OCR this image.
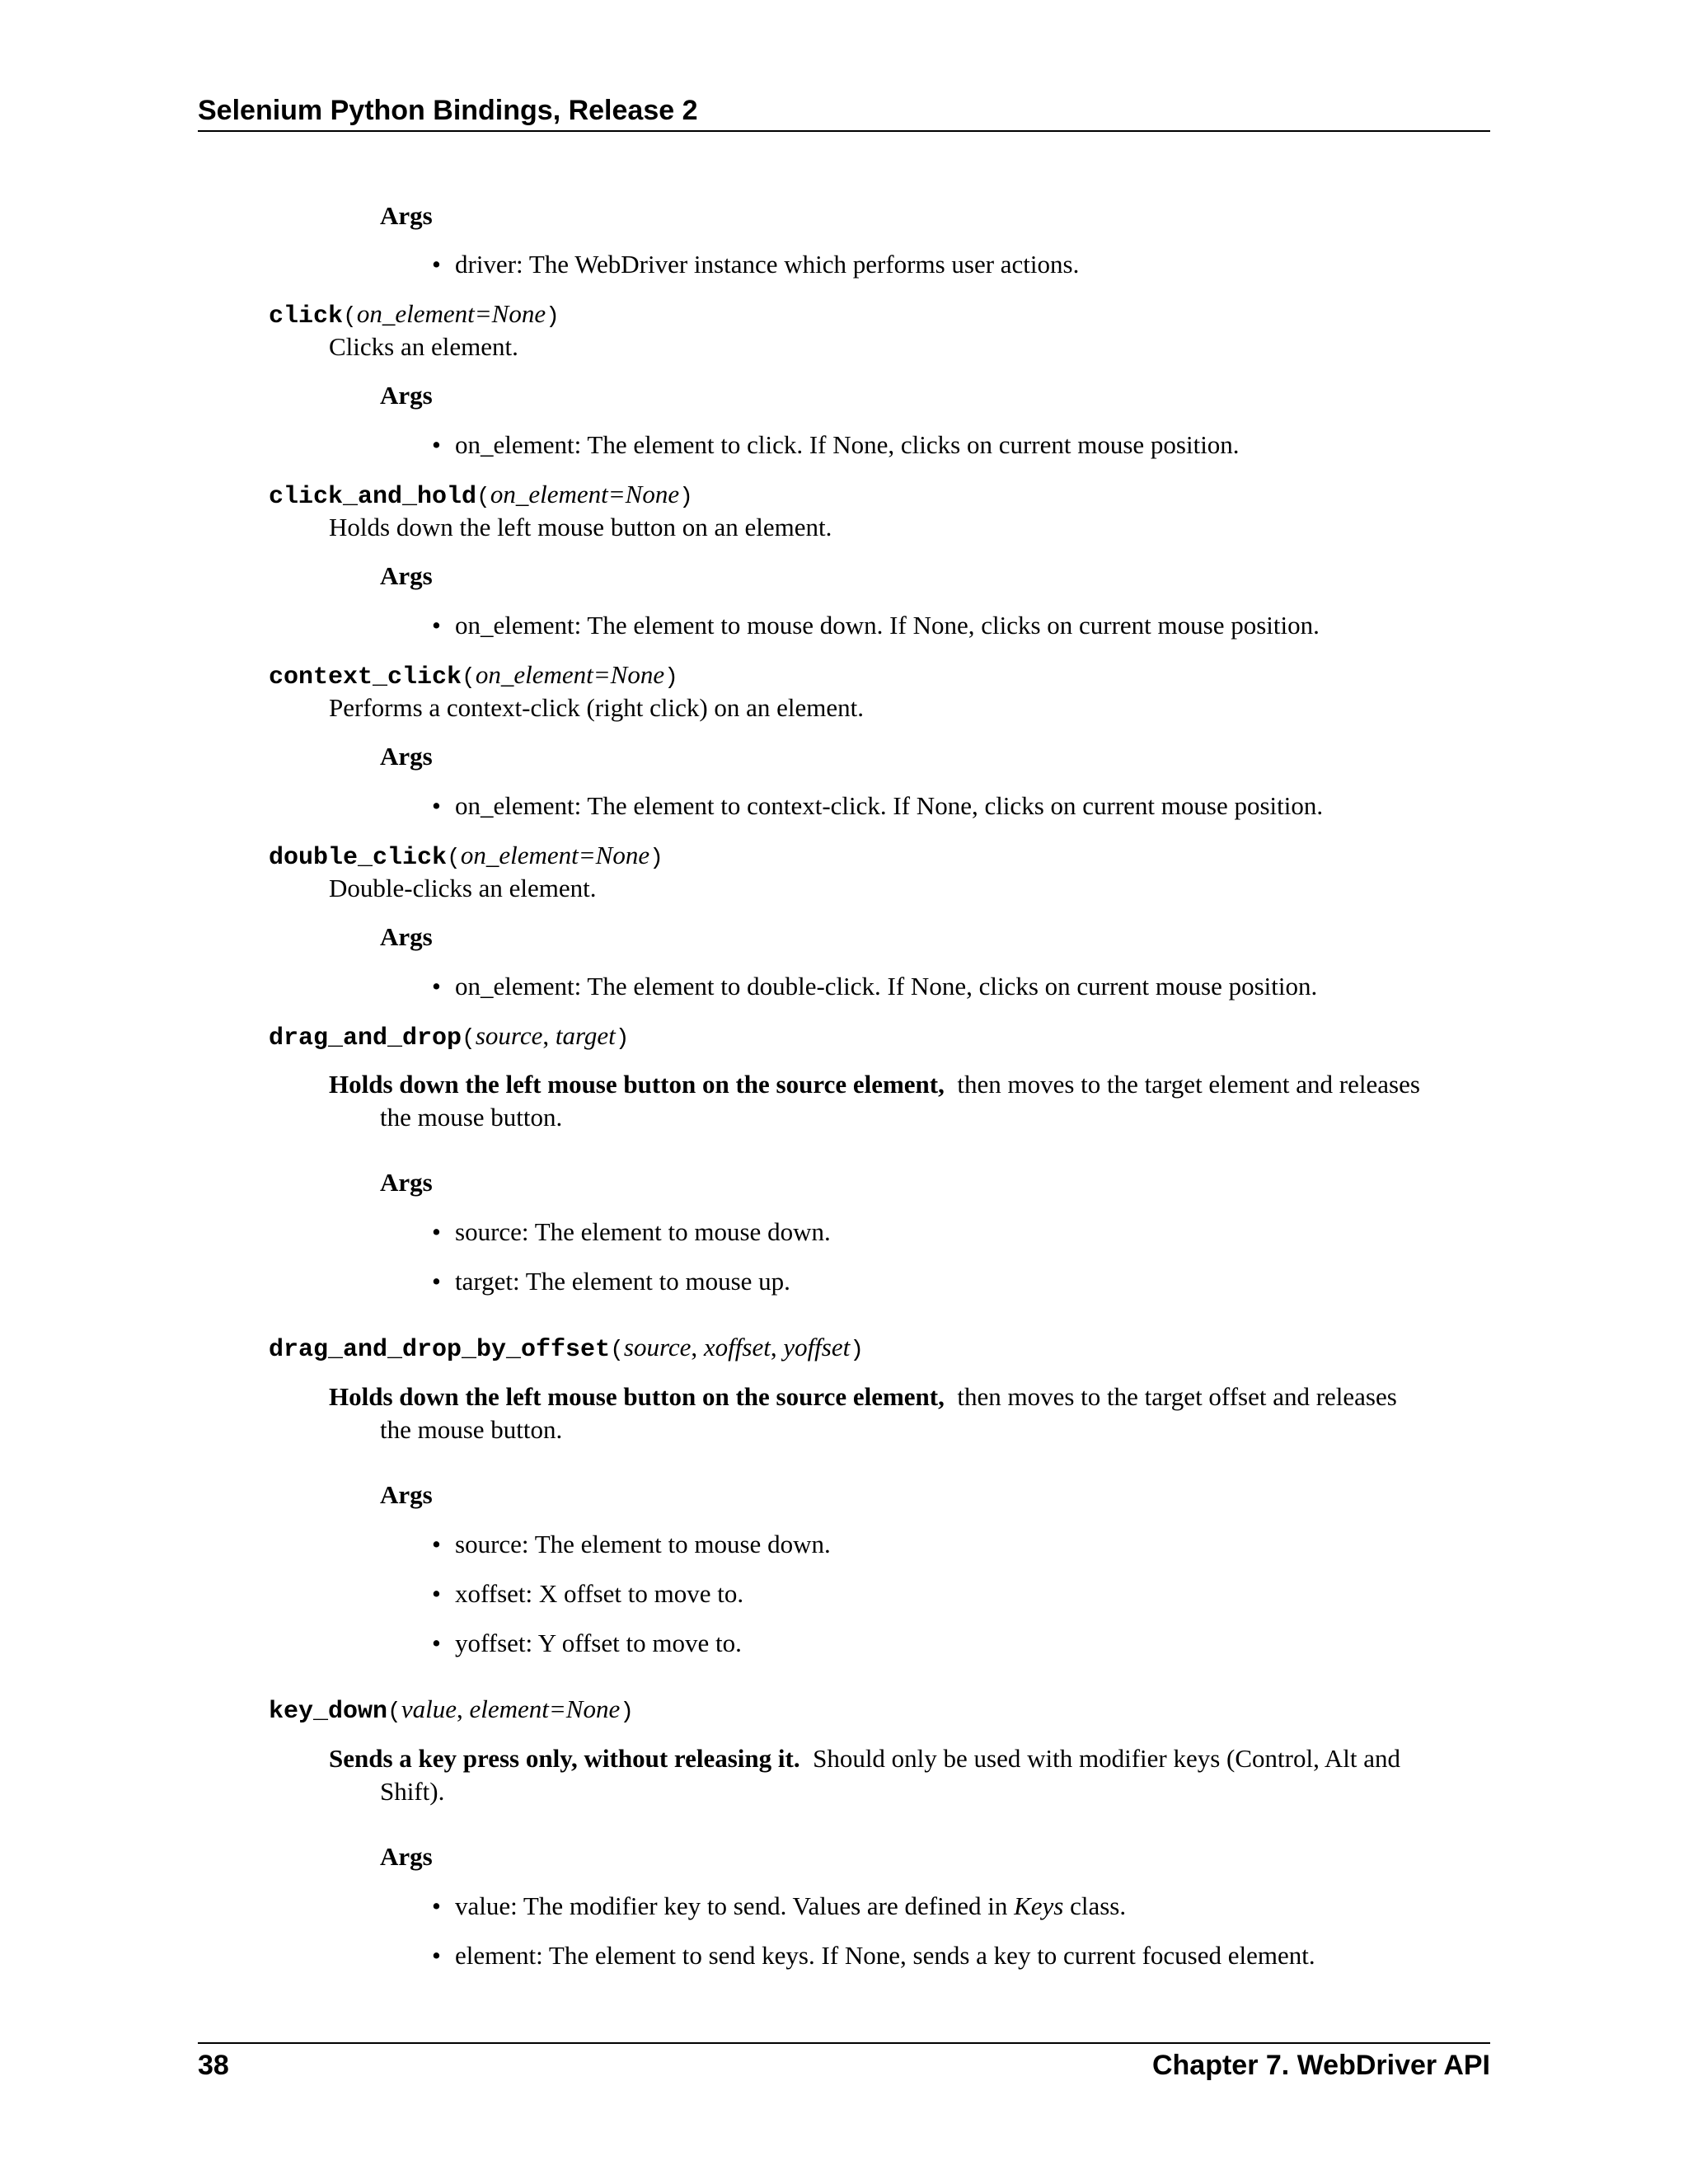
Selenium Python Bindings, Release 2
Args
• driver: The WebDriver instance which performs user actions.
click(on_element=None)
Clicks an element.
Args
• on_element: The element to click. If None, clicks on current mouse position.
click_and_hold(on_element=None)
Holds down the left mouse button on an element.
Args
• on_element: The element to mouse down. If None, clicks on current mouse position.
context_click(on_element=None)
Performs a context-click (right click) on an element.
Args
• on_element: The element to context-click. If None, clicks on current mouse position.
double_click(on_element=None)
Double-clicks an element.
Args
• on_element: The element to double-click. If None, clicks on current mouse position.
drag_and_drop(source, target)
Holds down the left mouse button on the source element, then moves to the target element and releases
the mouse button.
Args
• source: The element to mouse down.
• target: The element to mouse up.
drag_and_drop_by_offset(source, xoffset, yoffset)
Holds down the left mouse button on the source element, then moves to the target offset and releases
the mouse button.
Args
• source: The element to mouse down.
• xoffset: X offset to move to.
• yoffset: Y offset to move to.
key_down(value, element=None)
Sends a key press only, without releasing it. Should only be used with modifier keys (Control, Alt and
Shift).
Args
• value: The modifier key to send. Values are defined in Keys class.
• element: The element to send keys. If None, sends a key to current focused element.
38	Chapter 7. WebDriver API
